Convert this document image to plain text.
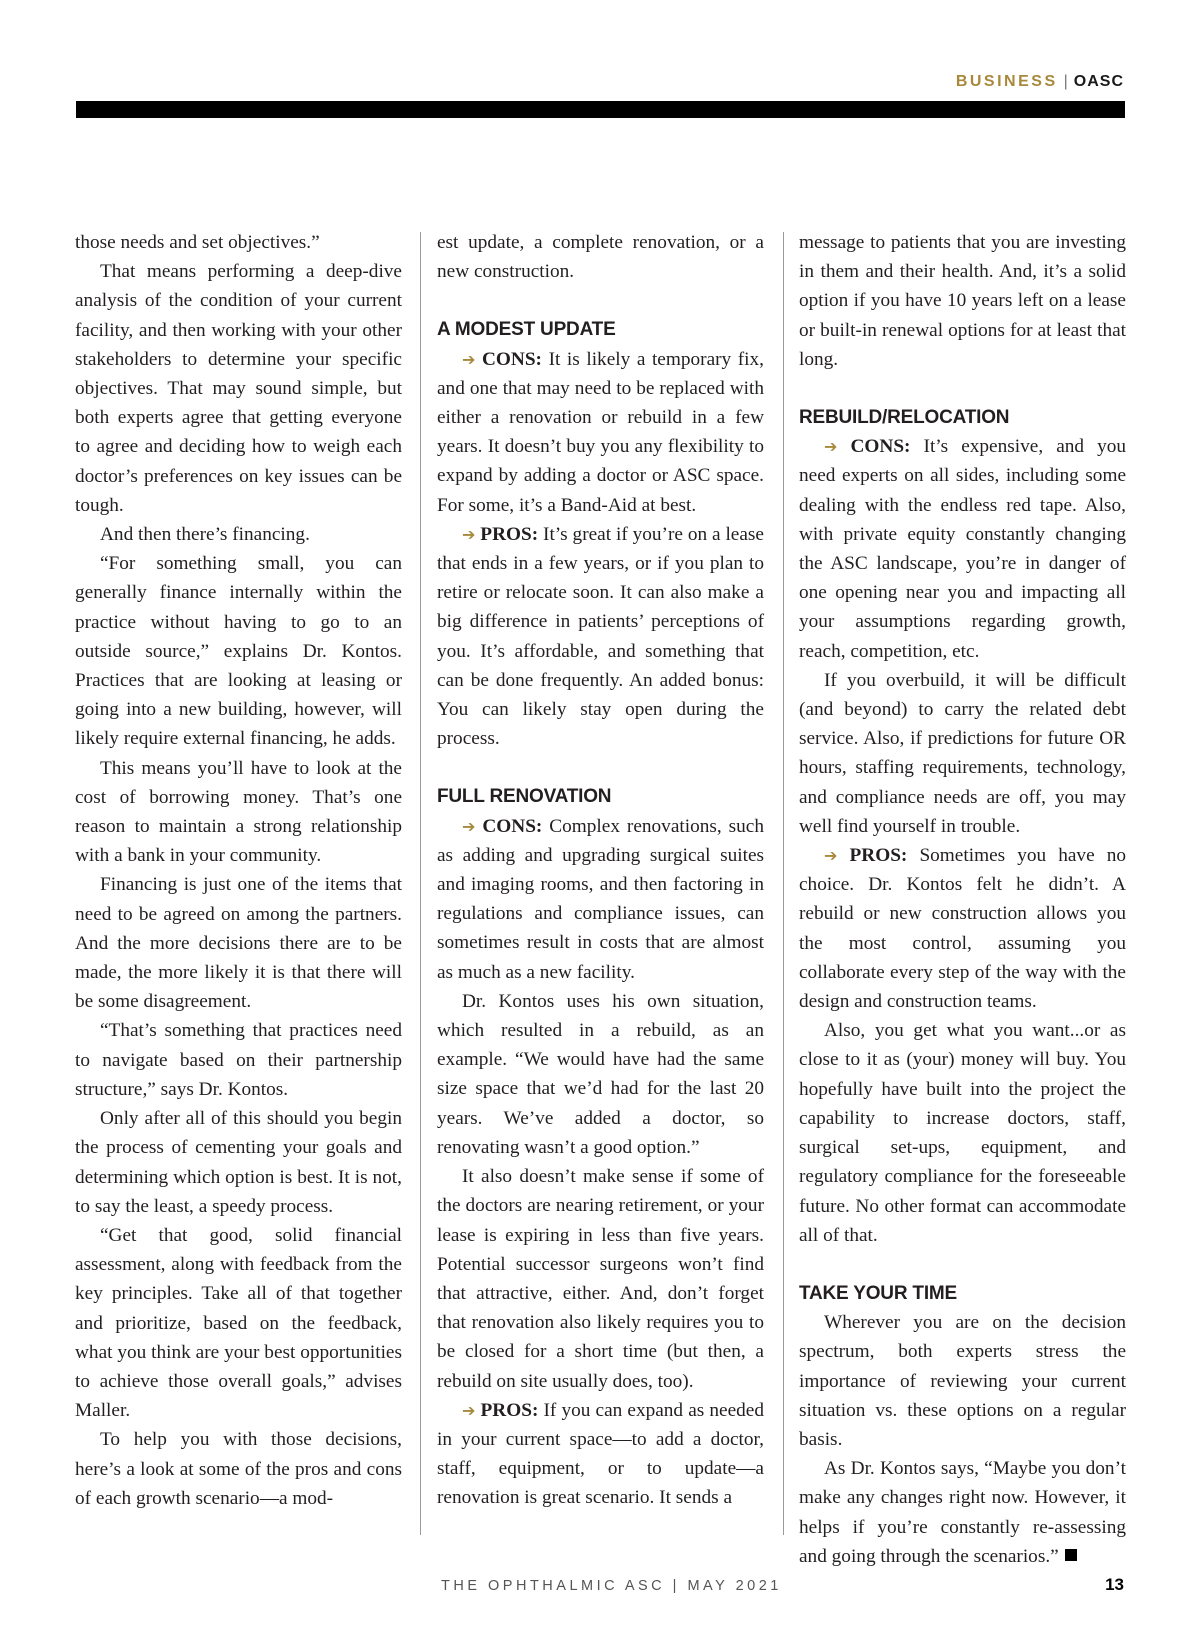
BUSINESS | OASC

those needs and set objectives.”

That means performing a deep-dive analysis of the condition of your current facility, and then working with your other stakeholders to determine your specific objectives. That may sound simple, but both experts agree that getting everyone to agree and deciding how to weigh each doctor’s preferences on key issues can be tough.

And then there’s financing.

“For something small, you can generally finance internally within the practice without having to go to an outside source,” explains Dr. Kontos. Practices that are looking at leasing or going into a new building, however, will likely require external financing, he adds.

This means you’ll have to look at the cost of borrowing money. That’s one reason to maintain a strong relationship with a bank in your community.

Financing is just one of the items that need to be agreed on among the partners. And the more decisions there are to be made, the more likely it is that there will be some disagreement.

“That’s something that practices need to navigate based on their partnership structure,” says Dr. Kontos.

Only after all of this should you begin the process of cementing your goals and determining which option is best. It is not, to say the least, a speedy process.

“Get that good, solid financial assessment, along with feedback from the key principles. Take all of that together and prioritize, based on the feedback, what you think are your best opportunities to achieve those overall goals,” advises Maller.

To help you with those decisions, here’s a look at some of the pros and cons of each growth scenario—a mod-

est update, a complete renovation, or a new construction.

A MODEST UPDATE

➔ CONS: It is likely a temporary fix, and one that may need to be replaced with either a renovation or rebuild in a few years. It doesn’t buy you any flexibility to expand by adding a doctor or ASC space. For some, it’s a Band-Aid at best.

➔ PROS: It’s great if you’re on a lease that ends in a few years, or if you plan to retire or relocate soon. It can also make a big difference in patients’ perceptions of you. It’s affordable, and something that can be done frequently. An added bonus: You can likely stay open during the process.

FULL RENOVATION

➔ CONS: Complex renovations, such as adding and upgrading surgical suites and imaging rooms, and then factoring in regulations and compliance issues, can sometimes result in costs that are almost as much as a new facility.

Dr. Kontos uses his own situation, which resulted in a rebuild, as an example. “We would have had the same size space that we’d had for the last 20 years. We’ve added a doctor, so renovating wasn’t a good option.”

It also doesn’t make sense if some of the doctors are nearing retirement, or your lease is expiring in less than five years. Potential successor surgeons won’t find that attractive, either. And, don’t forget that renovation also likely requires you to be closed for a short time (but then, a rebuild on site usually does, too).

➔ PROS: If you can expand as needed in your current space—to add a doctor, staff, equipment, or to update—a renovation is great scenario. It sends a

message to patients that you are investing in them and their health. And, it’s a solid option if you have 10 years left on a lease or built-in renewal options for at least that long.

REBUILD/RELOCATION

➔ CONS: It’s expensive, and you need experts on all sides, including some dealing with the endless red tape. Also, with private equity constantly changing the ASC landscape, you’re in danger of one opening near you and impacting all your assumptions regarding growth, reach, competition, etc.

If you overbuild, it will be difficult (and beyond) to carry the related debt service. Also, if predictions for future OR hours, staffing requirements, technology, and compliance needs are off, you may well find yourself in trouble.

➔ PROS: Sometimes you have no choice. Dr. Kontos felt he didn’t. A rebuild or new construction allows you the most control, assuming you collaborate every step of the way with the design and construction teams.

Also, you get what you want...or as close to it as (your) money will buy. You hopefully have built into the project the capability to increase doctors, staff, surgical set-ups, equipment, and regulatory compliance for the foreseeable future. No other format can accommodate all of that.

TAKE YOUR TIME

Wherever you are on the decision spectrum, both experts stress the importance of reviewing your current situation vs. these options on a regular basis.

As Dr. Kontos says, “Maybe you don’t make any changes right now. However, it helps if you’re constantly re-assessing and going through the scenarios.”

THE OPHTHALMIC ASC | MAY 2021	13
